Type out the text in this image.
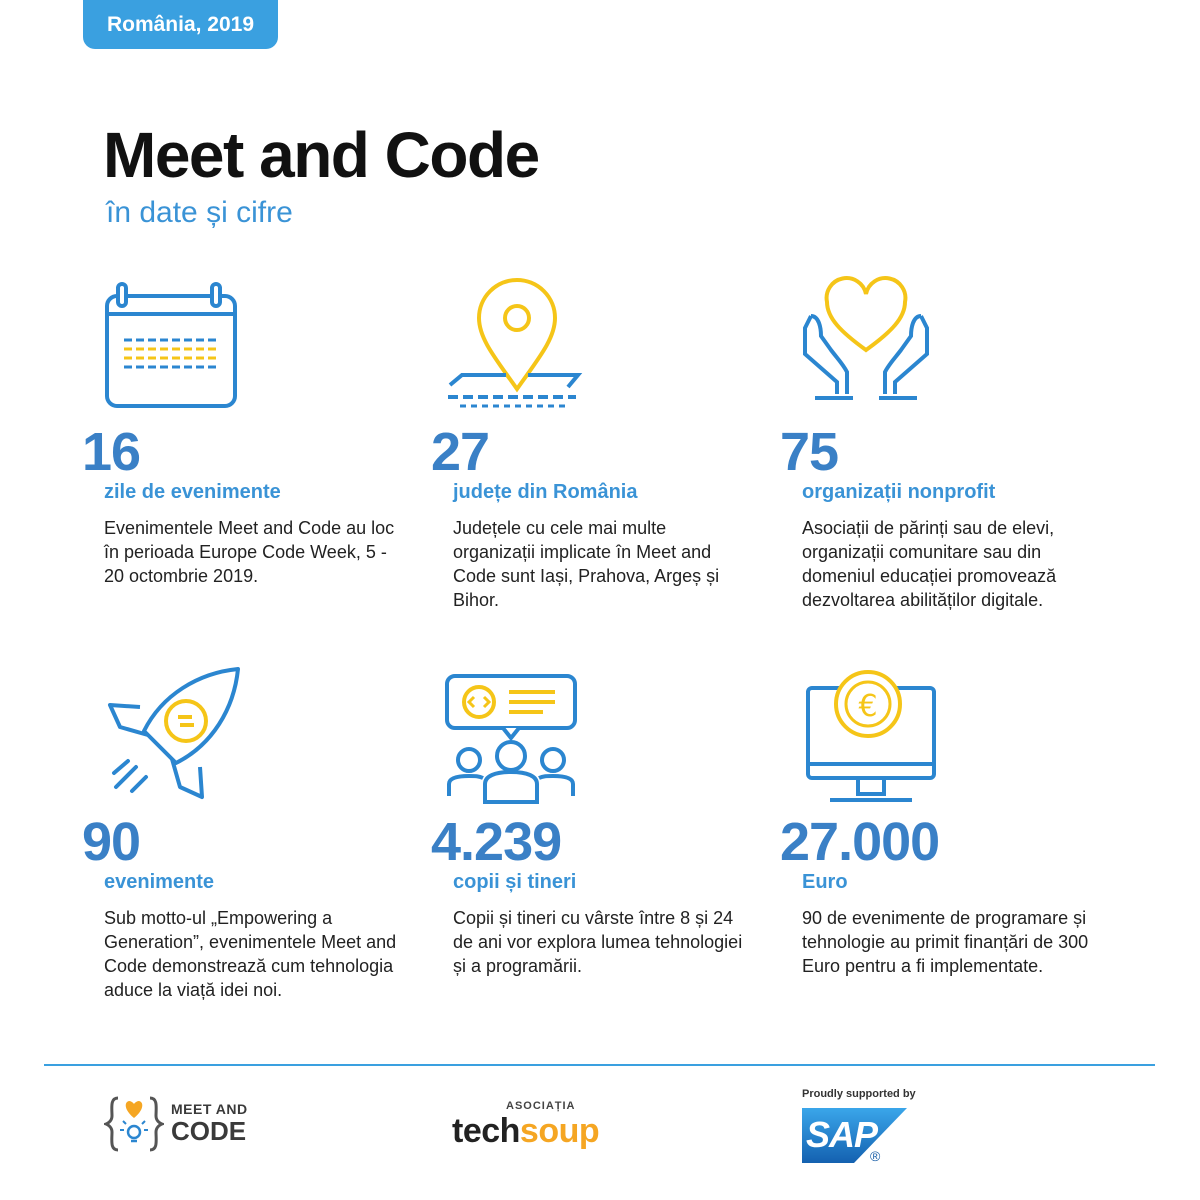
România, 2019
Meet and Code
în date și cifre
€
16
zile de evenimente
Evenimentele Meet and Code au loc în perioada Europe Code Week, 5 - 20 octombrie 2019.
27
județe din România
Județele cu cele mai multe organizații implicate în Meet and Code sunt Iași, Prahova, Argeș și Bihor.
75
organizații nonprofit
Asociații de părinți sau de elevi, organizații comunitare sau din domeniul educației promovează dezvoltarea abilităților digitale.
90
evenimente
Sub motto-ul „Empowering a Generation”, evenimentele Meet and Code demonstrează cum tehnologia aduce la viață idei noi.
4.239
copii și tineri
Copii și tineri cu vârste între 8 și 24 de ani vor explora lumea tehnologiei și a programării.
27.000
Euro
90 de evenimente de programare și tehnologie au primit finanțări de 300 Euro pentru a fi implementate.
MEET AND
CODE
ASOCIAȚIA
techsoup
Proudly supported by
SAP
®
